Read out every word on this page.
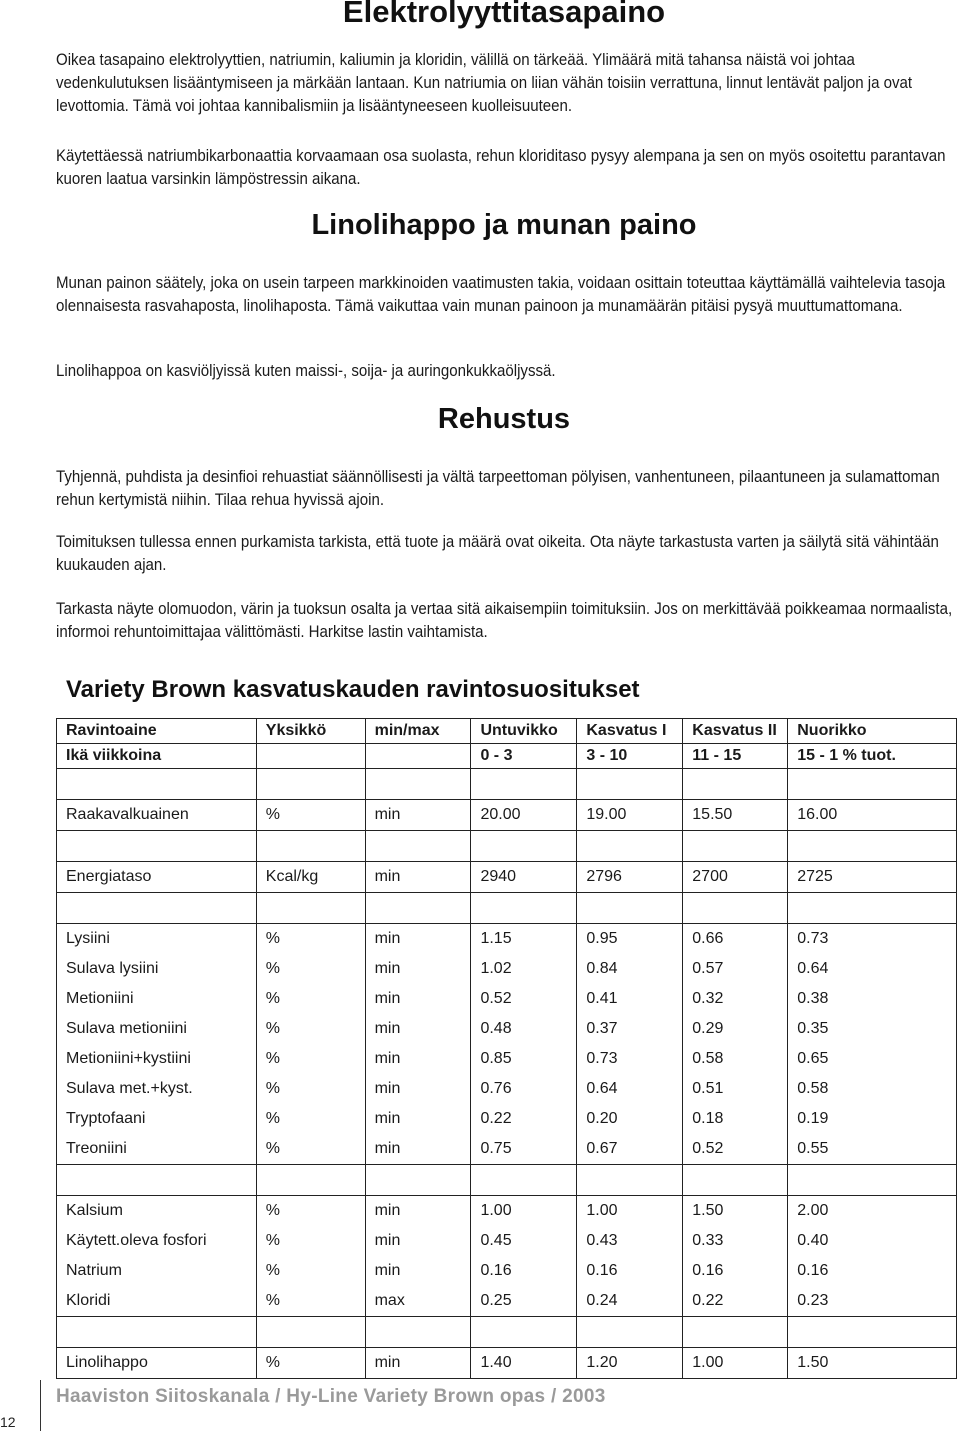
Elektrolyyttitasapaino

Oikea tasapaino elektrolyyttien, natriumin, kaliumin ja kloridin, välillä on tärkeää. Ylimäärä mitä tahansa näistä voi johtaa vedenkulutuksen lisääntymiseen ja märkään lantaan. Kun natriumia on liian vähän toisiin verrattuna, linnut lentävät paljon ja ovat levottomia. Tämä voi johtaa kannibalismiin ja lisääntyneeseen kuolleisuuteen.

Käytettäessä natriumbikarbonaattia korvaamaan osa suolasta, rehun kloriditaso pysyy alempana ja sen on myös osoitettu parantavan kuoren laatua varsinkin lämpöstressin aikana.

Linolihappo ja munan paino

Munan painon säätely, joka on usein tarpeen markkinoiden vaatimusten takia, voidaan osittain toteuttaa käyttämällä vaihtelevia tasoja olennaisesta rasvahaposta, linolihaposta. Tämä vaikuttaa vain munan painoon ja munamäärän pitäisi pysyä muuttumattomana.

Linolihappoa on kasviöljyissä kuten maissi-, soija- ja auringonkukkaöljyssä.

Rehustus

Tyhjennä, puhdista ja desinfioi rehuastiat säännöllisesti ja vältä tarpeettoman pölyisen, vanhentuneen, pilaantuneen ja sulamattoman rehun kertymistä niihin. Tilaa rehua hyvissä ajoin.

Toimituksen tullessa ennen purkamista tarkista, että tuote ja määrä ovat oikeita. Ota näyte tarkastusta varten ja säilytä sitä vähintään kuukauden ajan.

Tarkasta näyte olomuodon, värin ja tuoksun osalta ja vertaa sitä aikaisempiin toimituksiin. Jos on merkittävää poikkeamaa normaalista, informoi rehuntoimittajaa välittömästi. Harkitse lastin vaihtamista.

Variety Brown kasvatuskauden ravintosuositukset
Ravintoaine	Yksikkö	min/max	Untuvikko	Kasvatus I	Kasvatus II	Nuorikko
Ikä viikkoina			0 - 3	3 - 10	11 - 15	15 - 1 % tuot.

Raakavalkuainen	%	min	20.00	19.00	15.50	16.00

Energiataso	Kcal/kg	min	2940	2796	2700	2725

Lysiini	%	min	1.15	0.95	0.66	0.73
Sulava lysiini	%	min	1.02	0.84	0.57	0.64
Metioniini	%	min	0.52	0.41	0.32	0.38
Sulava metioniini	%	min	0.48	0.37	0.29	0.35
Metioniini+kystiini	%	min	0.85	0.73	0.58	0.65
Sulava met.+kyst.	%	min	0.76	0.64	0.51	0.58
Tryptofaani	%	min	0.22	0.20	0.18	0.19
Treoniini	%	min	0.75	0.67	0.52	0.55

Kalsium	%	min	1.00	1.00	1.50	2.00
Käytett.oleva fosfori	%	min	0.45	0.43	0.33	0.40
Natrium	%	min	0.16	0.16	0.16	0.16
Kloridi	%	max	0.25	0.24	0.22	0.23

Linolihappo	%	min	1.40	1.20	1.00	1.50
Haaviston Siitoskanala / Hy-Line Variety Brown opas / 2003
12
